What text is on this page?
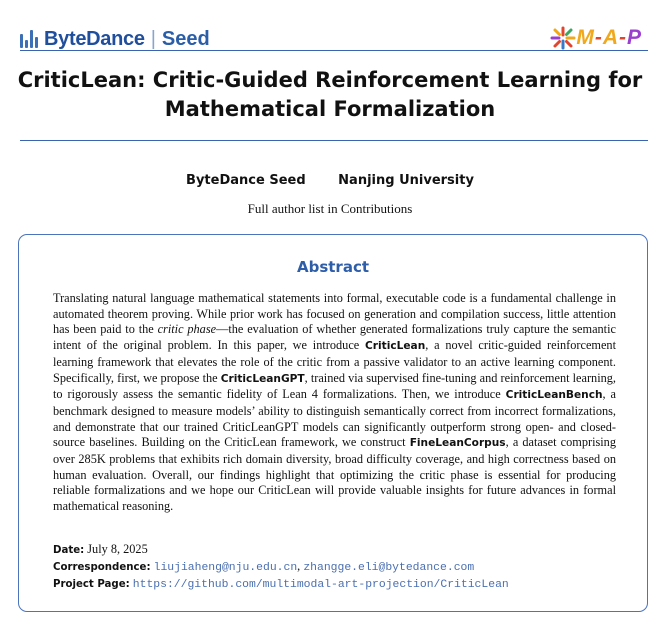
ByteDance | Seed	M-A-P
CriticLean: Critic-Guided Reinforcement Learning for
Mathematical Formalization
ByteDance Seed	Nanjing University
Full author list in Contributions
Abstract
Translating natural language mathematical statements into formal, executable code is a fundamental challenge in automated theorem proving. While prior work has focused on generation and compilation success, little attention has been paid to the critic phase—the evaluation of whether generated formalizations truly capture the semantic intent of the original problem. In this paper, we introduce CriticLean, a novel critic-guided reinforcement learning framework that elevates the role of the critic from a passive validator to an active learning component. Specifically, first, we propose the CriticLeanGPT, trained via supervised fine-tuning and reinforcement learning, to rigorously assess the semantic fidelity of Lean 4 formalizations. Then, we introduce CriticLeanBench, a benchmark designed to measure models’ ability to distinguish semantically correct from incorrect formalizations, and demonstrate that our trained CriticLeanGPT models can significantly outperform strong open- and closed-source baselines. Building on the CriticLean framework, we construct FineLeanCorpus, a dataset comprising over 285K problems that exhibits rich domain diversity, broad difficulty coverage, and high correctness based on human evaluation. Overall, our findings highlight that optimizing the critic phase is essential for producing reliable formalizations and we hope our CriticLean will provide valuable insights for future advances in formal mathematical reasoning.
Date: July 8, 2025
Correspondence: liujiaheng@nju.edu.cn, zhangge.eli@bytedance.com
Project Page: https://github.com/multimodal-art-projection/CriticLean
